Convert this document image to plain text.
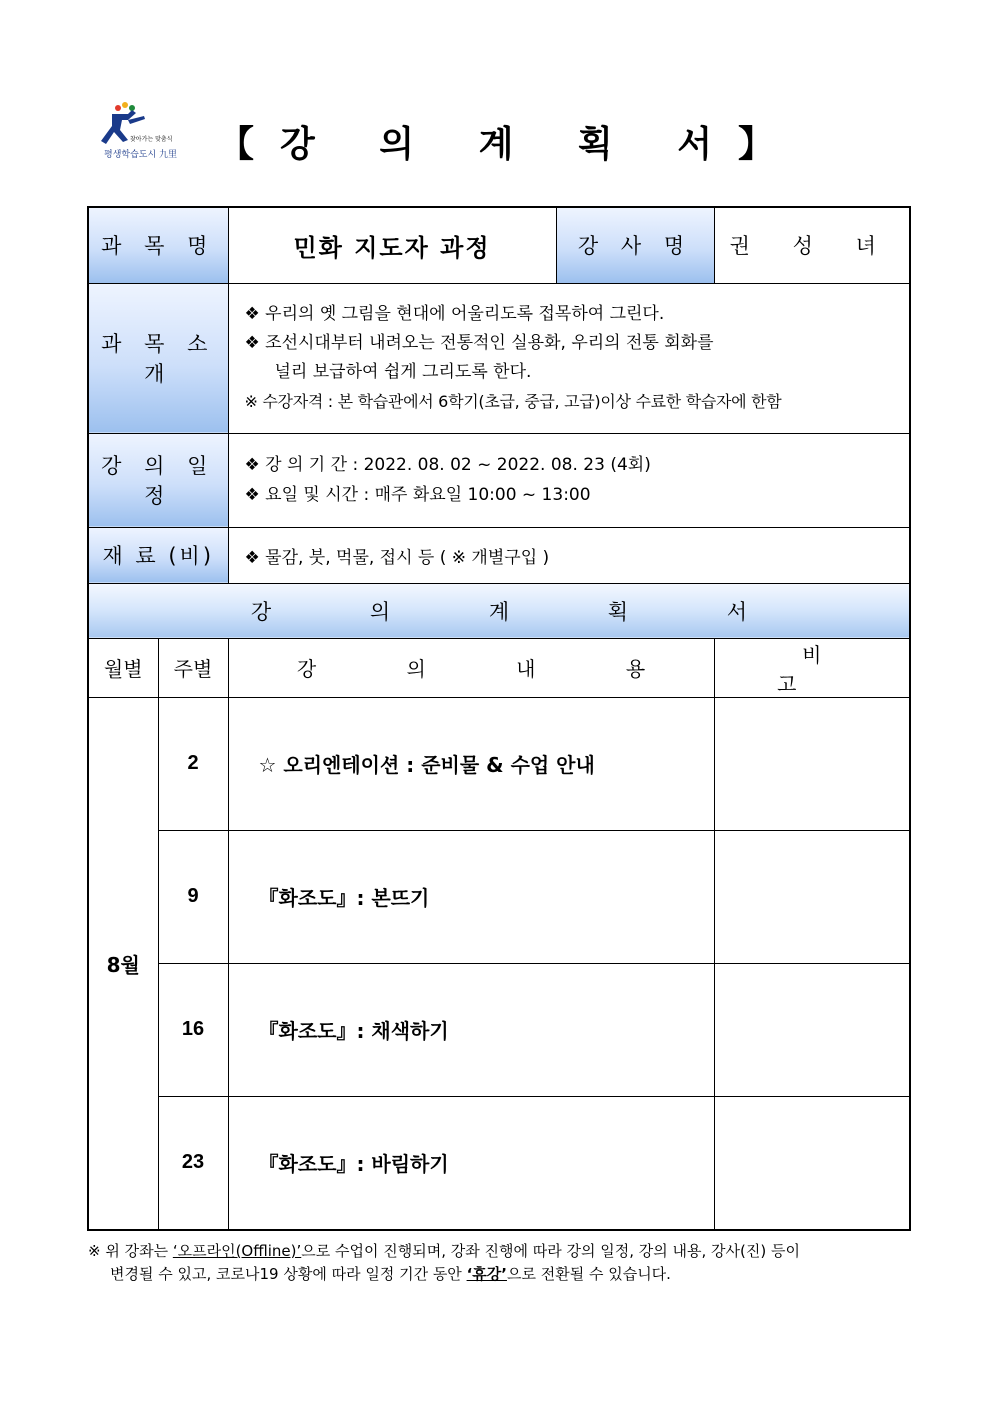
찾아가는 맞춤식
평생학습도시 九里	【강 의 계 획 서】
과 목 명		민화 지도자 과정	강 사 명	권 성 녀
과 목 소 개		❖ 우리의 옛 그림을 현대에 어울리도록 접목하여 그린다.
❖ 조선시대부터 내려오는 전통적인 실용화, 우리의 전통 회화를
널리 보급하여 쉽게 그리도록 한다.
※ 수강자격 : 본 학습관에서 6학기(초급, 중급, 고급)이상 수료한 학습자에 한함		

강 의 일 정		❖ 강 의 기 간 : 2022. 08. 02 ~ 2022. 08. 23 (4회)
❖ 요일 및 시간 : 매주 화요일 10:00 ~ 13:00		

재 료 (비)		❖ 물감, 붓, 먹물, 접시 등 ( ※ 개별구입 )		
강 의 계 획 서				
월별	주별	강 의 내 용		비 고
8월	2	☆ 오리엔테이션 : 준비물 & 수업 안내		
	9	『화조도』: 본뜨기		
	16	『화조도』: 채색하기		
	23	『화조도』: 바림하기		
※ 위 강좌는 ‘오프라인(Offline)’으로 수업이 진행되며, 강좌 진행에 따라 강의 일정, 강의 내용, 강사(진) 등이
변경될 수 있고, 코로나19 상황에 따라 일정 기간 동안 ‘휴강’으로 전환될 수 있습니다.
